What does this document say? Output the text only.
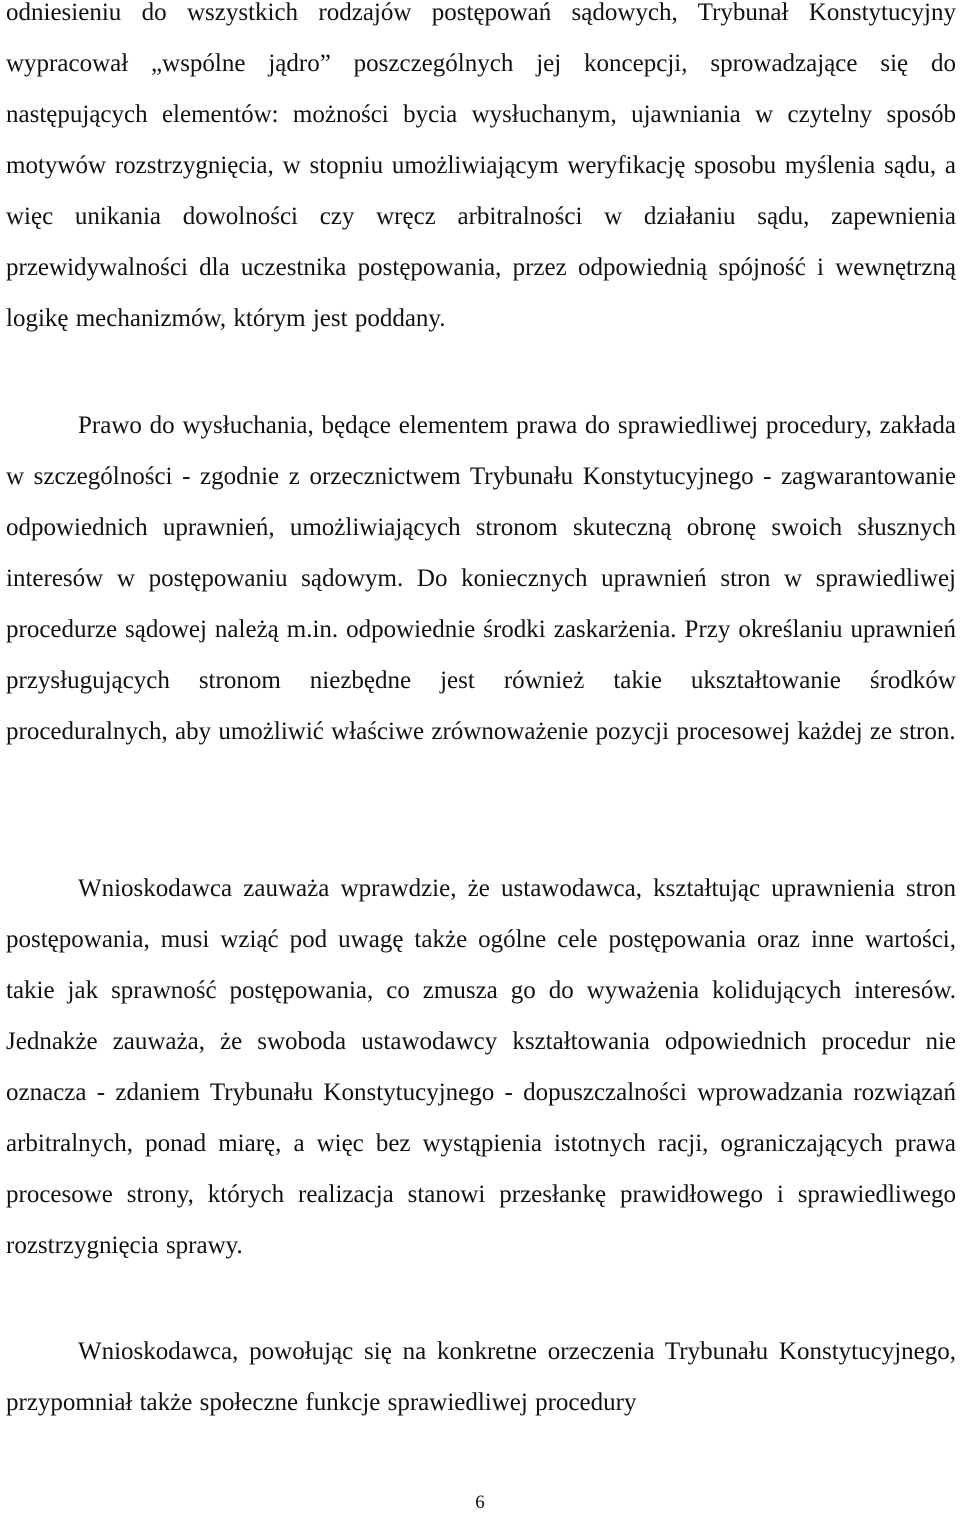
odniesieniu do wszystkich rodzajów postępowań sądowych, Trybunał Konstytucyjny wypracował „wspólne jądro” poszczególnych jej koncepcji, sprowadzające się do następujących elementów: możności bycia wysłuchanym, ujawniania w czytelny sposób motywów rozstrzygnięcia, w stopniu umożliwiającym weryfikację sposobu myślenia sądu, a więc unikania dowolności czy wręcz arbitralności w działaniu sądu, zapewnienia przewidywalności dla uczestnika postępowania, przez odpowiednią spójność i wewnętrzną logikę mechanizmów, którym jest poddany.

Prawo do wysłuchania, będące elementem prawa do sprawiedliwej procedury, zakłada w szczególności - zgodnie z orzecznictwem Trybunału Konstytucyjnego - zagwarantowanie odpowiednich uprawnień, umożliwiających stronom skuteczną obronę swoich słusznych interesów w postępowaniu sądowym. Do koniecznych uprawnień stron w sprawiedliwej procedurze sądowej należą m.in. odpowiednie środki zaskarżenia. Przy określaniu uprawnień przysługujących stronom niezbędne jest również takie ukształtowanie środków proceduralnych, aby umożliwić właściwe zrównoważenie pozycji procesowej każdej ze stron.

Wnioskodawca zauważa wprawdzie, że ustawodawca, kształtując uprawnienia stron postępowania, musi wziąć pod uwagę także ogólne cele postępowania oraz inne wartości, takie jak sprawność postępowania, co zmusza go do wyważenia kolidujących interesów. Jednakże zauważa, że swoboda ustawodawcy kształtowania odpowiednich procedur nie oznacza - zdaniem Trybunału Konstytucyjnego - dopuszczalności wprowadzania rozwiązań arbitralnych, ponad miarę, a więc bez wystąpienia istotnych racji, ograniczających prawa procesowe strony, których realizacja stanowi przesłankę prawidłowego i sprawiedliwego rozstrzygnięcia sprawy.

Wnioskodawca, powołując się na konkretne orzeczenia Trybunału Konstytucyjnego, przypomniał także społeczne funkcje sprawiedliwej procedury

6
